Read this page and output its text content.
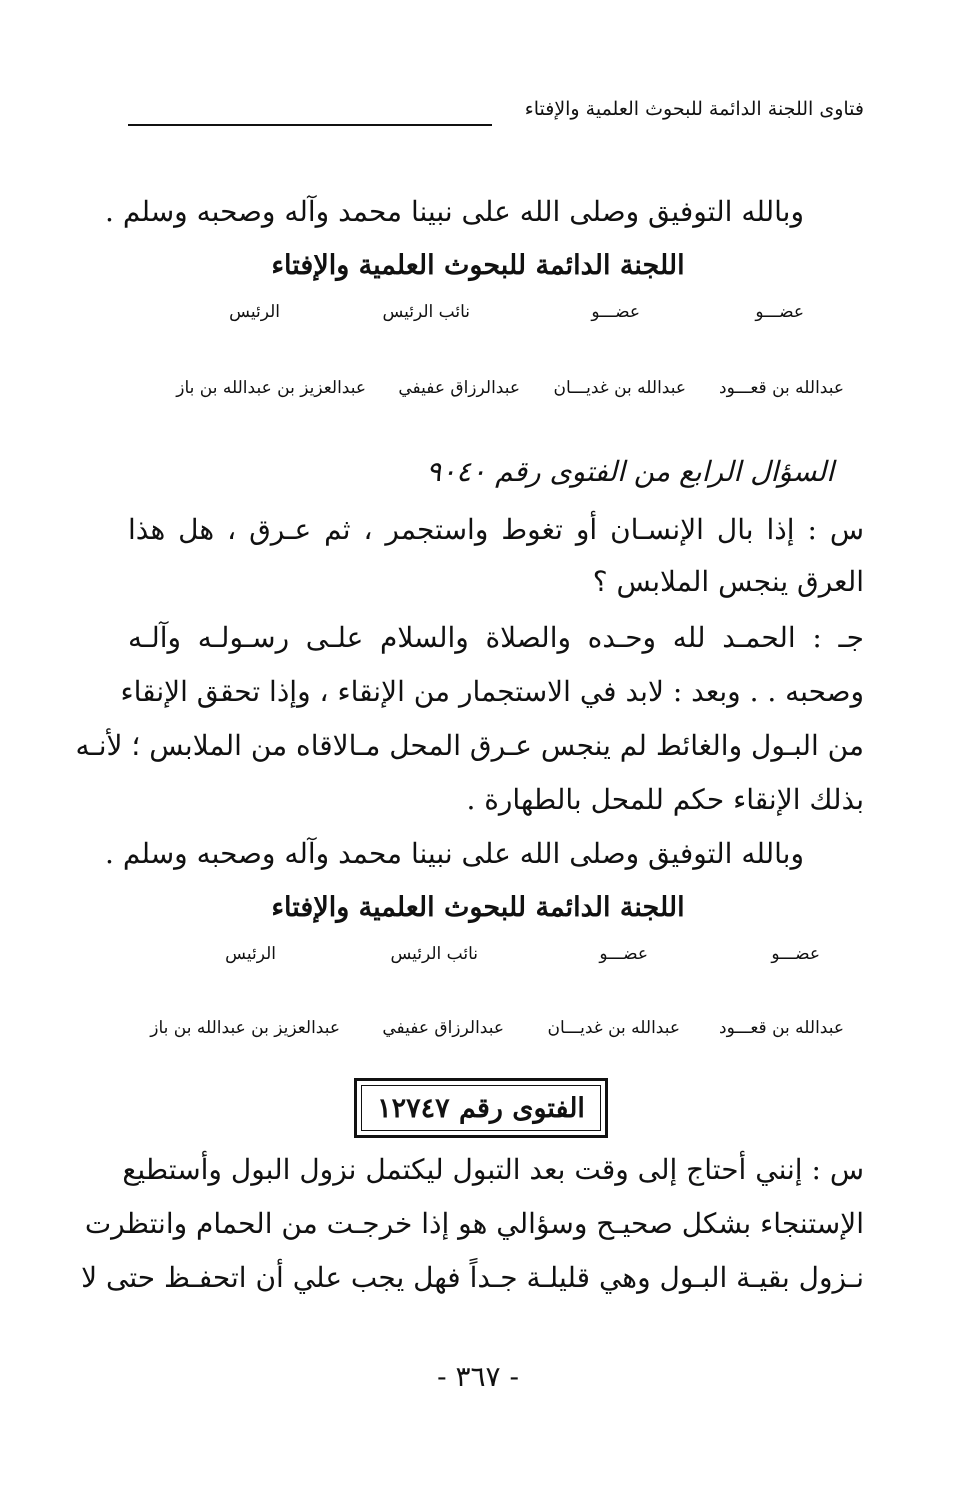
فتاوى اللجنة الدائمة للبحوث العلمية والإفتاء
وبالله التوفيق وصلى الله على نبينا محمد وآله وصحبه وسلم .
اللجنة الدائمة للبحوث العلمية والإفتاء
عضـــو
عضـــو
نائب الرئيس
الرئيس
عبدالله بن قعـــود
عبدالله بن غديـــان
عبدالرزاق عفيفي
عبدالعزيز بن عبدالله بن باز
السؤال الرابع من الفتوى رقم ٩٠٤٠
س : إذا بال الإنسـان أو تغوط واستجمر ، ثم عـرق ، هل هذا
العرق ينجس الملابس ؟
جـ : الحمـد لله وحـده والصلاة والسلام علـى رسـولـه وآلـه
وصحبه . . وبعد : لابد في الاستجمار من الإنقاء ، وإذا تحقق الإنقاء
من البـول والغائط لم ينجس عـرق المحل مـالاقاه من الملابس ؛ لأنـه
بذلك الإنقاء حكم للمحل بالطهارة .
وبالله التوفيق وصلى الله على نبينا محمد وآله وصحبه وسلم .
اللجنة الدائمة للبحوث العلمية والإفتاء
عضـــو
عضـــو
نائب الرئيس
الرئيس
عبدالله بن قعـــود
عبدالله بن غديـــان
عبدالرزاق عفيفي
عبدالعزيز بن عبدالله بن باز
الفتوى رقم ١٢٧٤٧
س : إنني أحتاج إلى وقت بعد التبول ليكتمل نزول البول وأستطيع
الإستنجاء بشكل صحيـح وسؤالي هو إذا خرجـت من الحمام وانتظرت
نـزول بقيـة البـول وهي قليلـة جـداً فهل يجب علي أن اتحفـظ حتى لا
- ٣٦٧ -
